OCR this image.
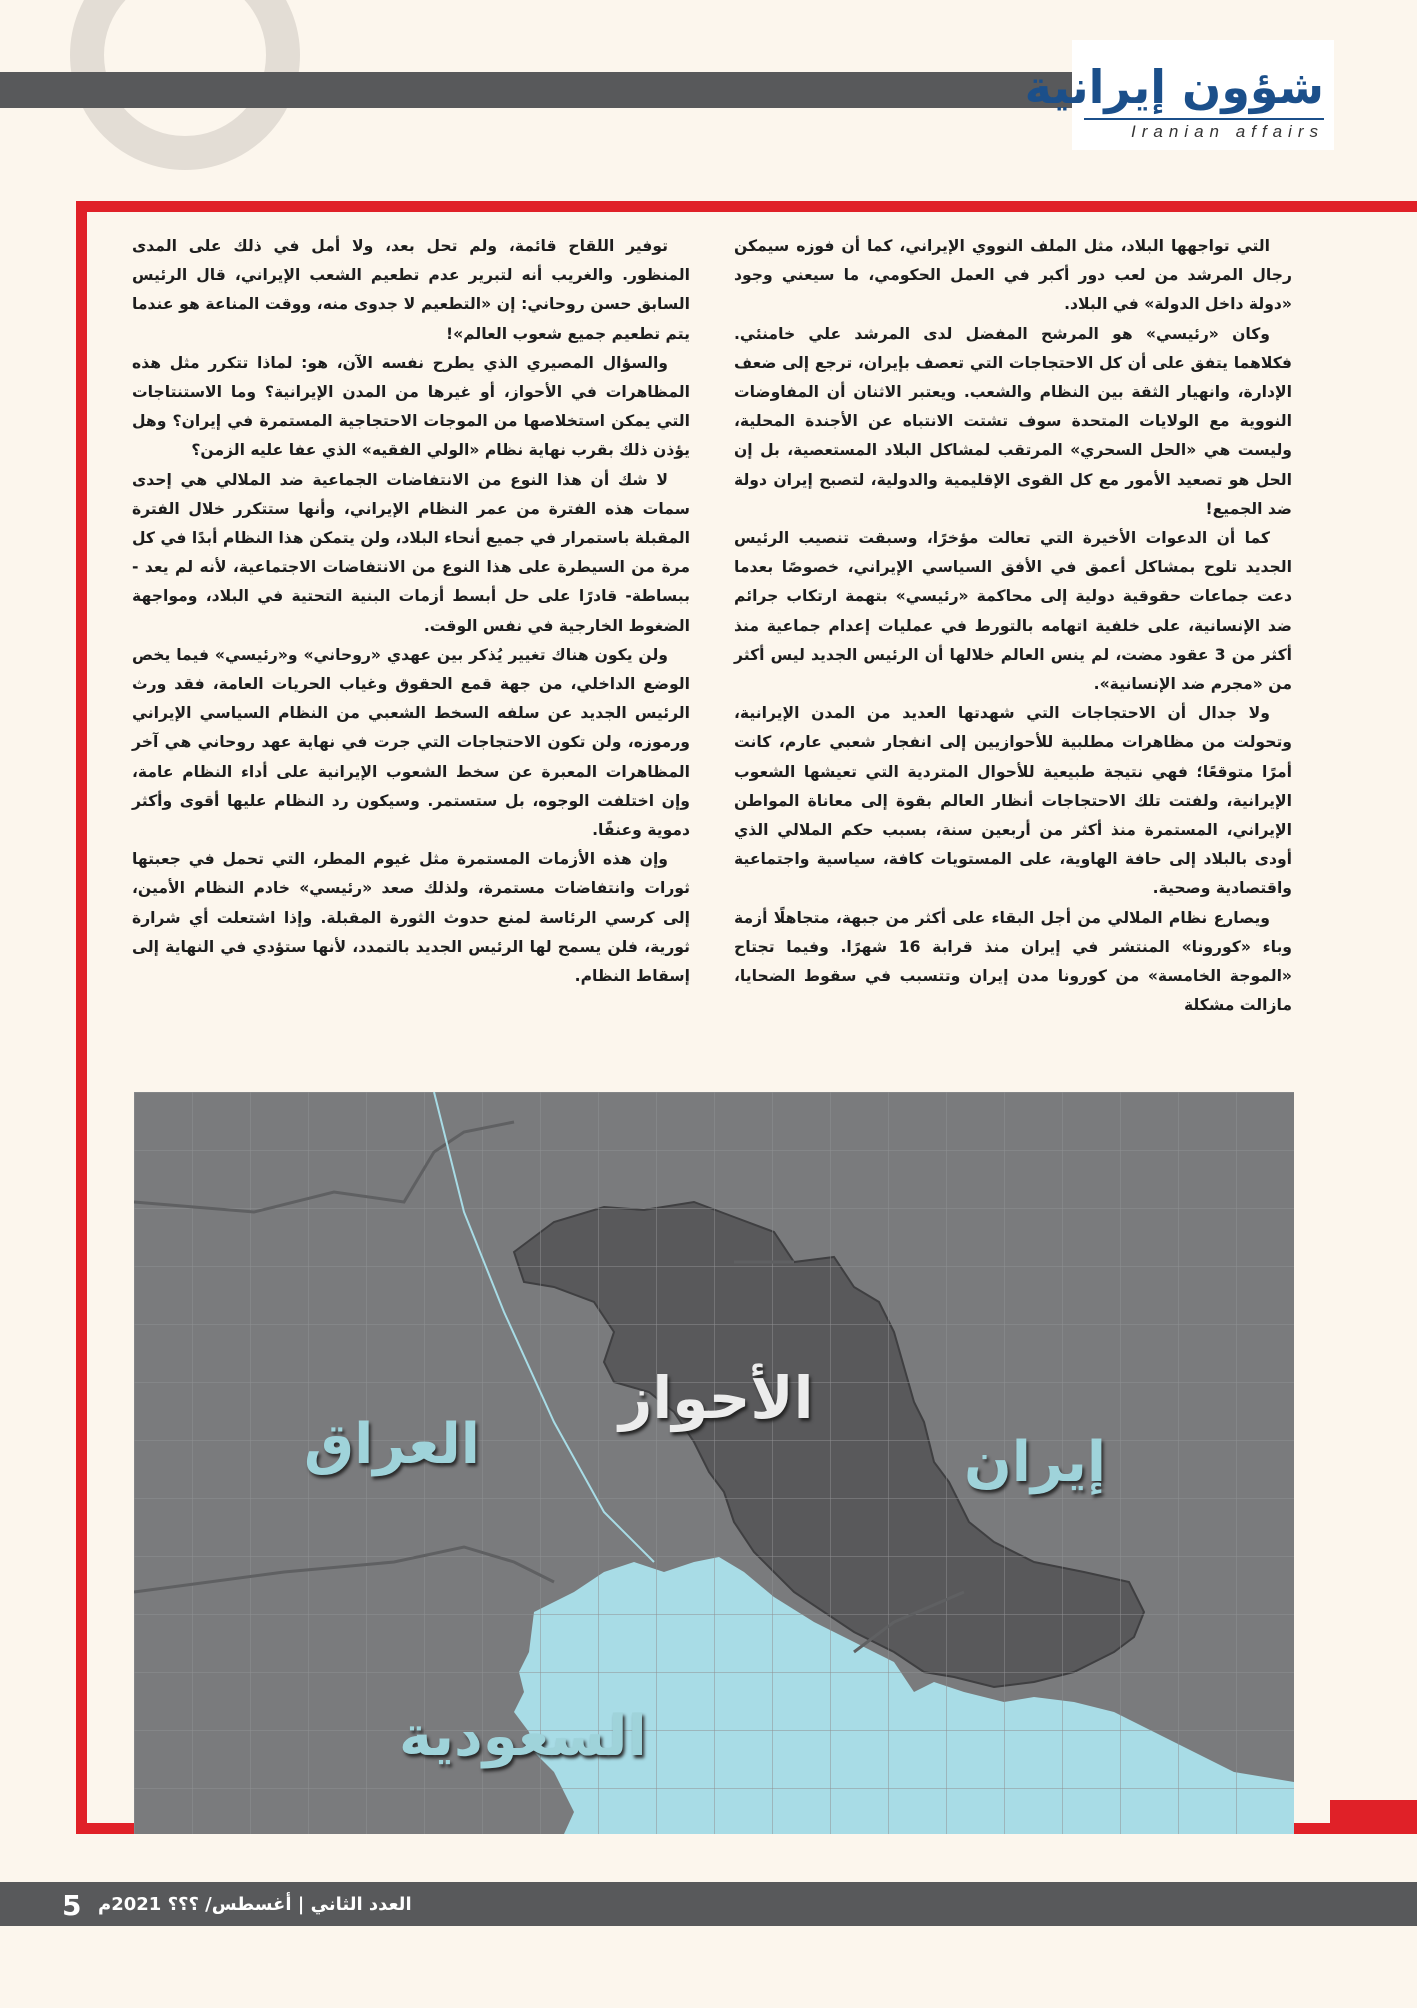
شؤون إيرانية
Iranian affairs

التي تواجهها البلاد، مثل الملف النووي الإيراني، كما أن فوزه سيمكن رجال المرشد من لعب دور أكبر في العمل الحكومي، ما سيعني وجود «دولة داخل الدولة» في البلاد.

وكان «رئيسي» هو المرشح المفضل لدى المرشد علي خامنئي. فكلاهما يتفق على أن كل الاحتجاجات التي تعصف بإيران، ترجع إلى ضعف الإدارة، وانهيار الثقة بين النظام والشعب. ويعتبر الاثنان أن المفاوضات النووية مع الولايات المتحدة سوف تشتت الانتباه عن الأجندة المحلية، وليست هي «الحل السحري» المرتقب لمشاكل البلاد المستعصية، بل إن الحل هو تصعيد الأمور مع كل القوى الإقليمية والدولية، لتصبح إيران دولة ضد الجميع!

كما أن الدعوات الأخيرة التي تعالت مؤخرًا، وسبقت تنصيب الرئيس الجديد تلوح بمشاكل أعمق في الأفق السياسي الإيراني، خصوصًا بعدما دعت جماعات حقوقية دولية إلى محاكمة «رئيسي» بتهمة ارتكاب جرائم ضد الإنسانية، على خلفية اتهامه بالتورط في عمليات إعدام جماعية منذ أكثر من 3 عقود مضت، لم ينس العالم خلالها أن الرئيس الجديد ليس أكثر من «مجرم ضد الإنسانية».

ولا جدال أن الاحتجاجات التي شهدتها العديد من المدن الإيرانية، وتحولت من مظاهرات مطلبية للأحوازيين إلى انفجار شعبي عارم، كانت أمرًا متوقعًا؛ فهي نتيجة طبيعية للأحوال المتردية التي تعيشها الشعوب الإيرانية، ولفتت تلك الاحتجاجات أنظار العالم بقوة إلى معاناة المواطن الإيراني، المستمرة منذ أكثر من أربعين سنة، بسبب حكم الملالي الذي أودى بالبلاد إلى حافة الهاوية، على المستويات كافة، سياسية واجتماعية واقتصادية وصحية.

ويصارع نظام الملالي من أجل البقاء على أكثر من جبهة، متجاهلًا أزمة وباء «كورونا» المنتشر في إيران منذ قرابة 16 شهرًا. وفيما تجتاح «الموجة الخامسة» من كورونا مدن إيران وتتسبب في سقوط الضحايا، مازالت مشكلة

توفير اللقاح قائمة، ولم تحل بعد، ولا أمل في ذلك على المدى المنظور. والغريب أنه لتبرير عدم تطعيم الشعب الإيراني، قال الرئيس السابق حسن روحاني: إن «التطعيم لا جدوى منه، ووقت المناعة هو عندما يتم تطعيم جميع شعوب العالم»!

والسؤال المصيري الذي يطرح نفسه الآن، هو: لماذا تتكرر مثل هذه المظاهرات في الأحواز، أو غيرها من المدن الإيرانية؟ وما الاستنتاجات التي يمكن استخلاصها من الموجات الاحتجاجية المستمرة في إيران؟ وهل يؤذن ذلك بقرب نهاية نظام «الولي الفقيه» الذي عفا عليه الزمن؟

لا شك أن هذا النوع من الانتفاضات الجماعية ضد الملالي هي إحدى سمات هذه الفترة من عمر النظام الإيراني، وأنها ستتكرر خلال الفترة المقبلة باستمرار في جميع أنحاء البلاد، ولن يتمكن هذا النظام أبدًا في كل مرة من السيطرة على هذا النوع من الانتفاضات الاجتماعية، لأنه لم يعد - ببساطة- قادرًا على حل أبسط أزمات البنية التحتية في البلاد، ومواجهة الضغوط الخارجية في نفس الوقت.

ولن يكون هناك تغيير يُذكر بين عهدي «روحاني» و«رئيسي» فيما يخص الوضع الداخلي، من جهة قمع الحقوق وغياب الحريات العامة، فقد ورث الرئيس الجديد عن سلفه السخط الشعبي من النظام السياسي الإيراني ورموزه، ولن تكون الاحتجاجات التي جرت في نهاية عهد روحاني هي آخر المظاهرات المعبرة عن سخط الشعوب الإيرانية على أداء النظام عامة، وإن اختلفت الوجوه، بل ستستمر. وسيكون رد النظام عليها أقوى وأكثر دموية وعنفًا.

وإن هذه الأزمات المستمرة مثل غيوم المطر، التي تحمل في جعبتها ثورات وانتفاضات مستمرة، ولذلك صعد «رئيسي» خادم النظام الأمين، إلى كرسي الرئاسة لمنع حدوث الثورة المقبلة. وإذا اشتعلت أي شرارة ثورية، فلن يسمح لها الرئيس الجديد بالتمدد، لأنها ستؤدي في النهاية إلى إسقاط النظام.

الأحواز
العراق	إيران
السعودية
5 العدد الثاني | أغسطس/ ؟؟؟ 2021م
